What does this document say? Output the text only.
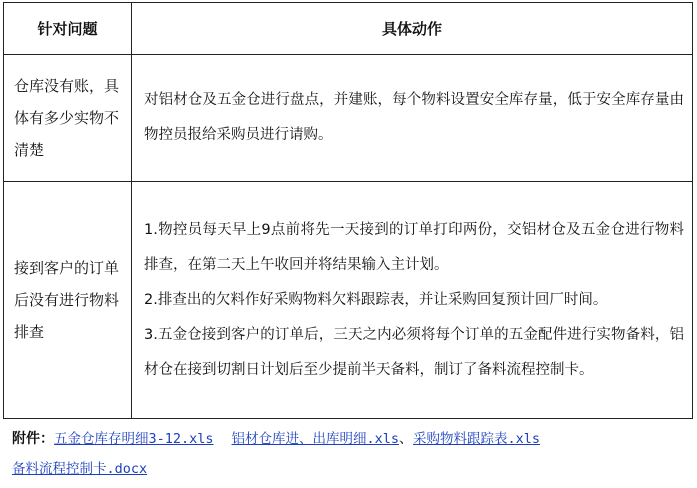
针对问题	具体动作
仓库没有账，具体有多少实物不清楚	对铝材仓及五金仓进行盘点，并建账，每个物料设置安全库存量，低于安全库存量由物控员报给采购员进行请购。

接到客户的订单后没有进行物料排查	1.物控员每天早上9点前将先一天接到的订单打印两份，交铝材仓及五金仓进行物料排查，在第二天上午收回并将结果输入主计划。

2.排查出的欠料作好采购物料欠料跟踪表，并让采购回复预计回厂时间。

3.五金仓接到客户的订单后，三天之内必须将每个订单的五金配件进行实物备料，铝材仓在接到切割日计划后至少提前半天备料，制订了备料流程控制卡。

附件：五金仓库存明细3-12.xls 铝材仓库进、出库明细.xls、采购物料跟踪表.xls
备料流程控制卡.docx
